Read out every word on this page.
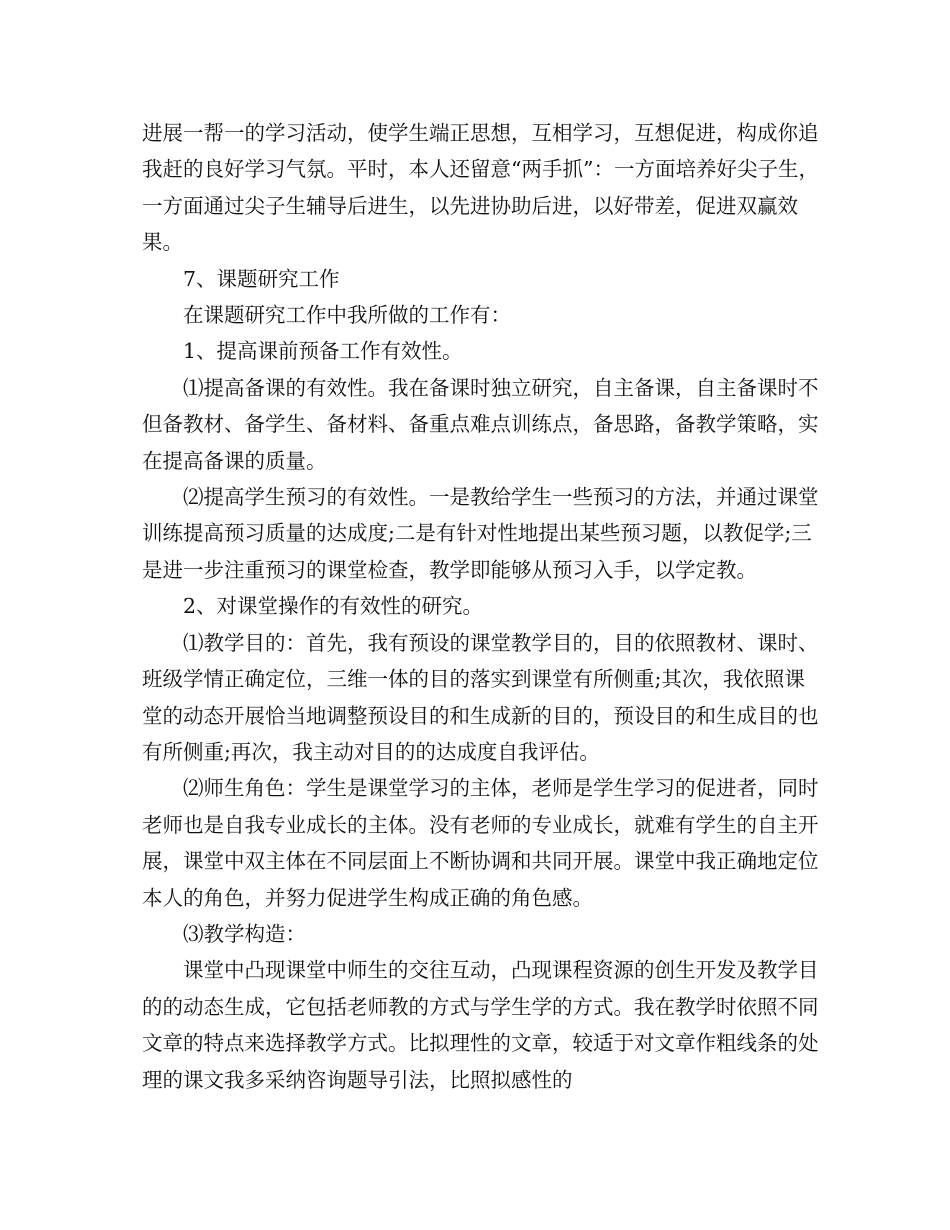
进展一帮一的学习活动，使学生端正思想，互相学习，互想促进，构成你追我赶的良好学习气氛。平时，本人还留意“两手抓”：一方面培养好尖子生，一方面通过尖子生辅导后进生，以先进协助后进，以好带差，促进双赢效果。

7、课题研究工作

在课题研究工作中我所做的工作有：

1、提高课前预备工作有效性。

⑴提高备课的有效性。我在备课时独立研究，自主备课，自主备课时不但备教材、备学生、备材料、备重点难点训练点，备思路，备教学策略，实在提高备课的质量。

⑵提高学生预习的有效性。一是教给学生一些预习的方法，并通过课堂训练提高预习质量的达成度;二是有针对性地提出某些预习题，以教促学;三是进一步注重预习的课堂检查，教学即能够从预习入手，以学定教。

2、对课堂操作的有效性的研究。

⑴教学目的：首先，我有预设的课堂教学目的，目的依照教材、课时、班级学情正确定位，三维一体的目的落实到课堂有所侧重;其次，我依照课堂的动态开展恰当地调整预设目的和生成新的目的，预设目的和生成目的也有所侧重;再次，我主动对目的的达成度自我评估。

⑵师生角色：学生是课堂学习的主体，老师是学生学习的促进者，同时老师也是自我专业成长的主体。没有老师的专业成长，就难有学生的自主开展，课堂中双主体在不同层面上不断协调和共同开展。课堂中我正确地定位本人的角色，并努力促进学生构成正确的角色感。

⑶教学构造：

课堂中凸现课堂中师生的交往互动，凸现课程资源的创生开发及教学目的的动态生成，它包括老师教的方式与学生学的方式。我在教学时依照不同文章的特点来选择教学方式。比拟理性的文章，较适于对文章作粗线条的处理的课文我多采纳咨询题导引法，比照拟感性的
